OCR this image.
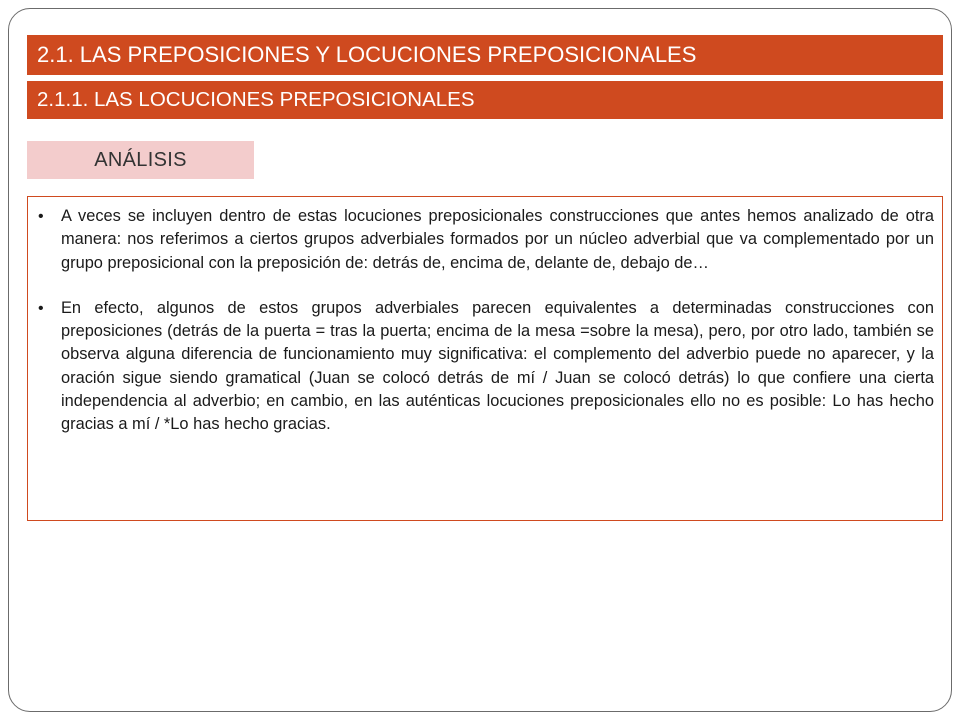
2.1. LAS PREPOSICIONES Y LOCUCIONES PREPOSICIONALES
2.1.1. LAS LOCUCIONES PREPOSICIONALES
ANÁLISIS
• A veces se incluyen dentro de estas locuciones preposicionales construcciones que antes hemos analizado de otra manera: nos referimos a ciertos grupos adverbiales formados por un núcleo adverbial que va complementado por un grupo preposicional con la preposición de: detrás de, encima de, delante de, debajo de…
• En efecto, algunos de estos grupos adverbiales parecen equivalentes a determinadas construcciones con preposiciones (detrás de la puerta = tras la puerta; encima de la mesa =sobre la mesa), pero, por otro lado, también se observa alguna diferencia de funcionamiento muy significativa: el complemento del adverbio puede no aparecer, y la oración sigue siendo gramatical (Juan se colocó detrás de mí / Juan se colocó detrás) lo que confiere una cierta independencia al adverbio; en cambio, en las auténticas locuciones preposicionales ello no es posible: Lo has hecho gracias a mí / *Lo has hecho gracias.
